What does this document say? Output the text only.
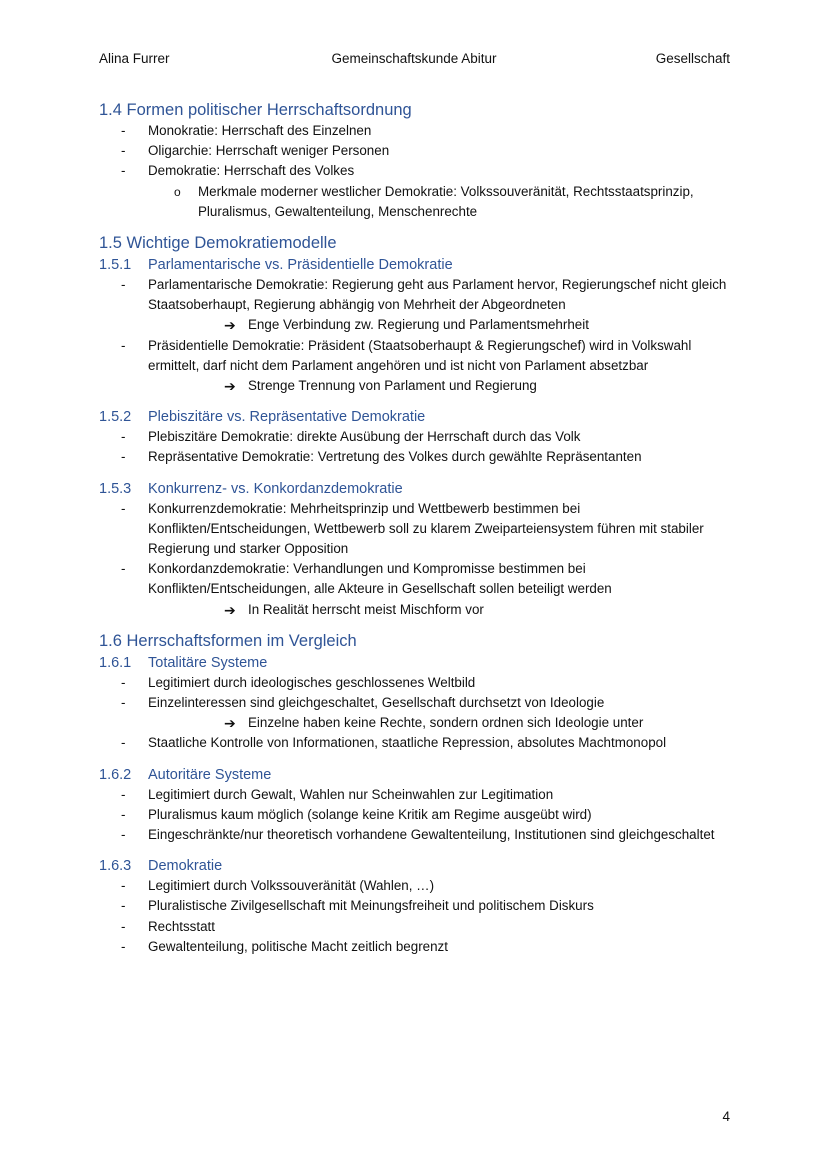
Alina Furrer	Gemeinschaftskunde Abitur	Gesellschaft
1.4 Formen politischer Herrschaftsordnung
- Monokratie: Herrschaft des Einzelnen
- Oligarchie: Herrschaft weniger Personen
- Demokratie: Herrschaft des Volkes
o Merkmale moderner westlicher Demokratie: Volkssouveränität, Rechtsstaatsprinzip, Pluralismus, Gewaltenteilung, Menschenrechte
1.5 Wichtige Demokratiemodelle
1.5.1 Parlamentarische vs. Präsidentielle Demokratie
- Parlamentarische Demokratie: Regierung geht aus Parlament hervor, Regierungschef nicht gleich Staatsoberhaupt, Regierung abhängig von Mehrheit der Abgeordneten
➔ Enge Verbindung zw. Regierung und Parlamentsmehrheit
- Präsidentielle Demokratie: Präsident (Staatsoberhaupt & Regierungschef) wird in Volkswahl ermittelt, darf nicht dem Parlament angehören und ist nicht von Parlament absetzbar
➔ Strenge Trennung von Parlament und Regierung
1.5.2 Plebiszitäre vs. Repräsentative Demokratie
- Plebiszitäre Demokratie: direkte Ausübung der Herrschaft durch das Volk
- Repräsentative Demokratie: Vertretung des Volkes durch gewählte Repräsentanten
1.5.3 Konkurrenz- vs. Konkordanzdemokratie
- Konkurrenzdemokratie: Mehrheitsprinzip und Wettbewerb bestimmen bei Konflikten/Entscheidungen, Wettbewerb soll zu klarem Zweiparteiensystem führen mit stabiler Regierung und starker Opposition
- Konkordanzdemokratie: Verhandlungen und Kompromisse bestimmen bei Konflikten/Entscheidungen, alle Akteure in Gesellschaft sollen beteiligt werden
➔ In Realität herrscht meist Mischform vor
1.6 Herrschaftsformen im Vergleich
1.6.1 Totalitäre Systeme
- Legitimiert durch ideologisches geschlossenes Weltbild
- Einzelinteressen sind gleichgeschaltet, Gesellschaft durchsetzt von Ideologie
➔ Einzelne haben keine Rechte, sondern ordnen sich Ideologie unter
- Staatliche Kontrolle von Informationen, staatliche Repression, absolutes Machtmonopol
1.6.2 Autoritäre Systeme
- Legitimiert durch Gewalt, Wahlen nur Scheinwahlen zur Legitimation
- Pluralismus kaum möglich (solange keine Kritik am Regime ausgeübt wird)
- Eingeschränkte/nur theoretisch vorhandene Gewaltenteilung, Institutionen sind gleichgeschaltet
1.6.3 Demokratie
- Legitimiert durch Volkssouveränität (Wahlen, …)
- Pluralistische Zivilgesellschaft mit Meinungsfreiheit und politischem Diskurs
- Rechtsstatt
- Gewaltenteilung, politische Macht zeitlich begrenzt
4
